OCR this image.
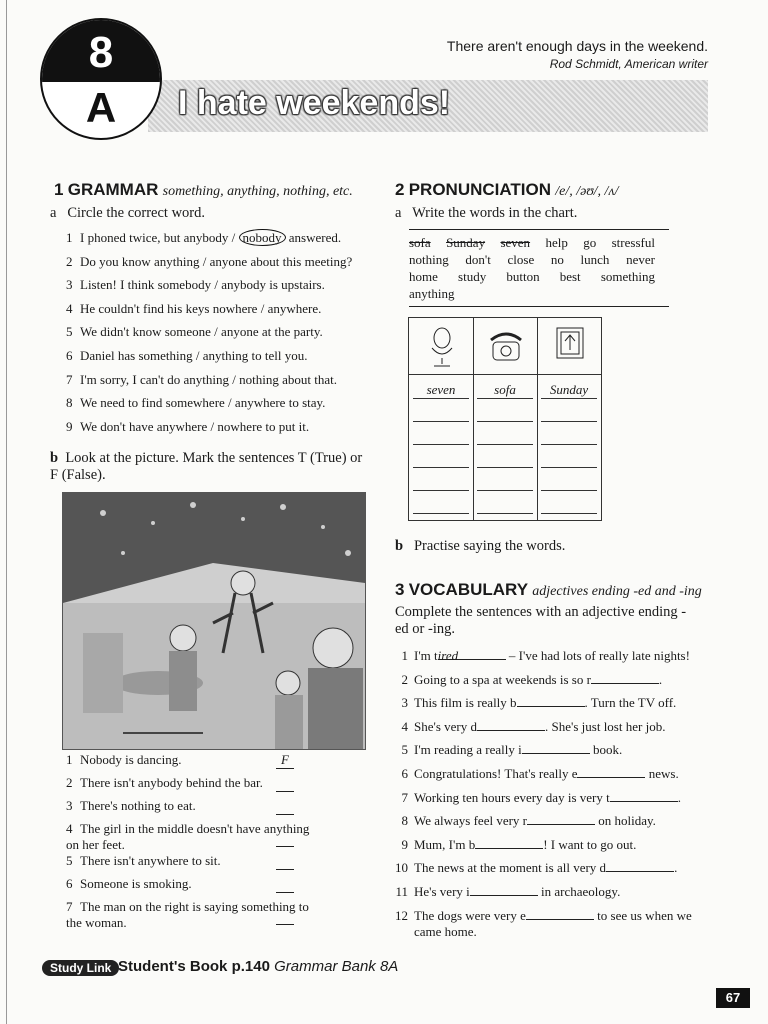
8
A	I hate weekends!
There aren't enough days in the weekend.
Rod Schmidt, American writer
1 GRAMMAR something, anything, nothing, etc.
a Circle the correct word.
1 I phoned twice, but anybody / nobody answered.
2 Do you know anything / anyone about this meeting?
3 Listen! I think somebody / anybody is upstairs.
4 He couldn't find his keys nowhere / anywhere.
5 We didn't know someone / anyone at the party.
6 Daniel has something / anything to tell you.
7 I'm sorry, I can't do anything / nothing about that.
8 We need to find somewhere / anywhere to stay.
9 We don't have anywhere / nowhere to put it.
b Look at the picture. Mark the sentences T (True) or F (False).
1 Nobody is dancing.	F
2 There isn't anybody behind the bar.
3 There's nothing to eat.
4 The girl in the middle doesn't have anything on her feet.
5 There isn't anywhere to sit.
6 Someone is smoking.
7 The man on the right is saying something to the woman.
2 PRONUNCIATION /e/, /əʊ/, /ʌ/
a Write the words in the chart.
sofa Sunday seven help go stressful
nothing don't close no lunch never
home study button best something
anything
seven	sofa	Sunday
b Practise saying the words.
3 VOCABULARY adjectives ending -ed and -ing
Complete the sentences with an adjective ending -ed or -ing.
1 I'm tired	– I've had lots of really late nights!
2 Going to a spa at weekends is so r	.
3 This film is really b	. Turn the TV off.
4 She's very d	. She's just lost her job.
5 I'm reading a really i	book.
6 Congratulations! That's really e	news.
7 Working ten hours every day is very t	.
8 We always feel very r	on holiday.
9 Mum, I'm b	! I want to go out.
10 The news at the moment is all very d	.
11 He's very i	in archaeology.
12 The dogs were very e	to see us when we came home.
Study Link Student's Book p.140 Grammar Bank 8A
67
